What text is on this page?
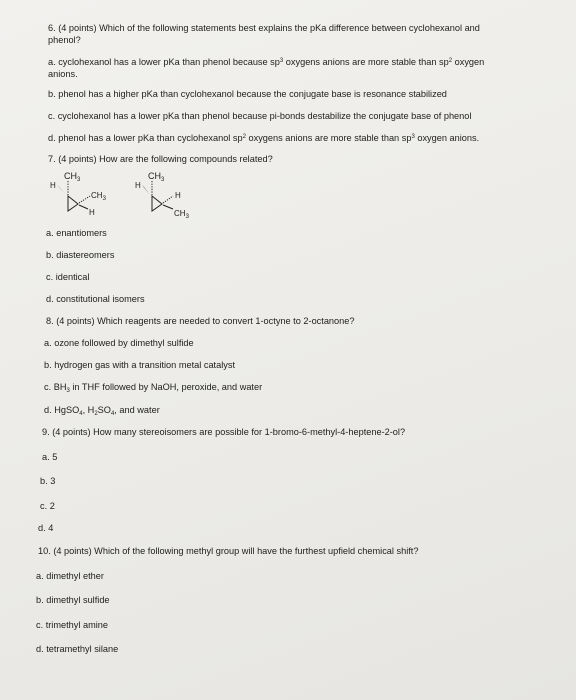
6. (4 points) Which of the following statements best explains the pKa difference between cyclohexanol and phenol?
a. cyclohexanol has a lower pKa than phenol because $sp^3$ oxygens anions are more stable than $sp^2$ oxygen anions.
b. phenol has a higher pKa than cyclohexanol because the conjugate base is resonance stabilized
c. cyclohexanol has a lower pKa than phenol because pi-bonds destabilize the conjugate base of phenol
d. phenol has a lower pKa than cyclohexanol $sp^2$ oxygens anions are more stable than $sp^3$ oxygen anions.
7. (4 points) How are the following compounds related?
$CH_3$
H
$CH_3$
H
$CH_3$
H
H
$CH_3$
a. enantiomers
b. diastereomers
c. identical
d. constitutional isomers
8. (4 points) Which reagents are needed to convert 1-octyne to 2-octanone?
a. ozone followed by dimethyl sulfide
b. hydrogen gas with a transition metal catalyst
c. $BH_3$ in THF followed by NaOH, peroxide, and water
d. HgSO$_4$, $H_2SO_4$, and water
9. (4 points) How many stereoisomers are possible for 1-bromo-6-methyl-4-heptene-2-ol?
a. 5
b. 3
c. 2
d. 4
10. (4 points) Which of the following methyl group will have the furthest upfield chemical shift?
a. dimethyl ether
b. dimethyl sulfide
c. trimethyl amine
d. tetramethyl silane
